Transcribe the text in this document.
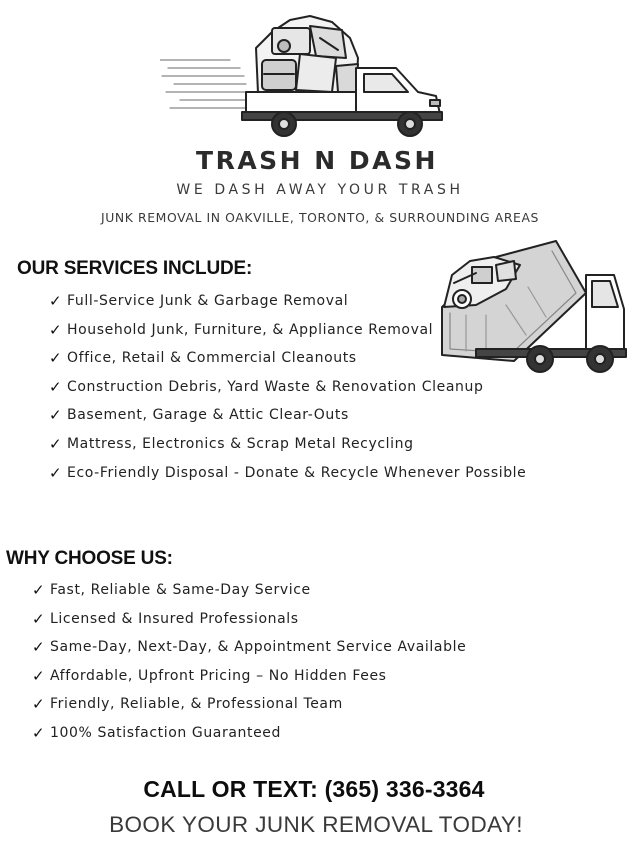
TRASH N DASH
WE DASH AWAY YOUR TRASH
JUNK REMOVAL IN OAKVILLE, TORONTO, & SURROUNDING AREAS
OUR SERVICES INCLUDE:
✓ Full-Service Junk & Garbage Removal
✓ Household Junk, Furniture, & Appliance Removal
✓ Office, Retail & Commercial Cleanouts
✓ Construction Debris, Yard Waste & Renovation Cleanup
✓ Basement, Garage & Attic Clear-Outs
✓ Mattress, Electronics & Scrap Metal Recycling
✓ Eco-Friendly Disposal - Donate & Recycle Whenever Possible
WHY CHOOSE US:
✓ Fast, Reliable & Same-Day Service
✓ Licensed & Insured Professionals
✓ Same-Day, Next-Day, & Appointment Service Available
✓ Affordable, Upfront Pricing – No Hidden Fees
✓ Friendly, Reliable, & Professional Team
✓ 100% Satisfaction Guaranteed
CALL OR TEXT: (365) 336-3364
BOOK YOUR JUNK REMOVAL TODAY!
